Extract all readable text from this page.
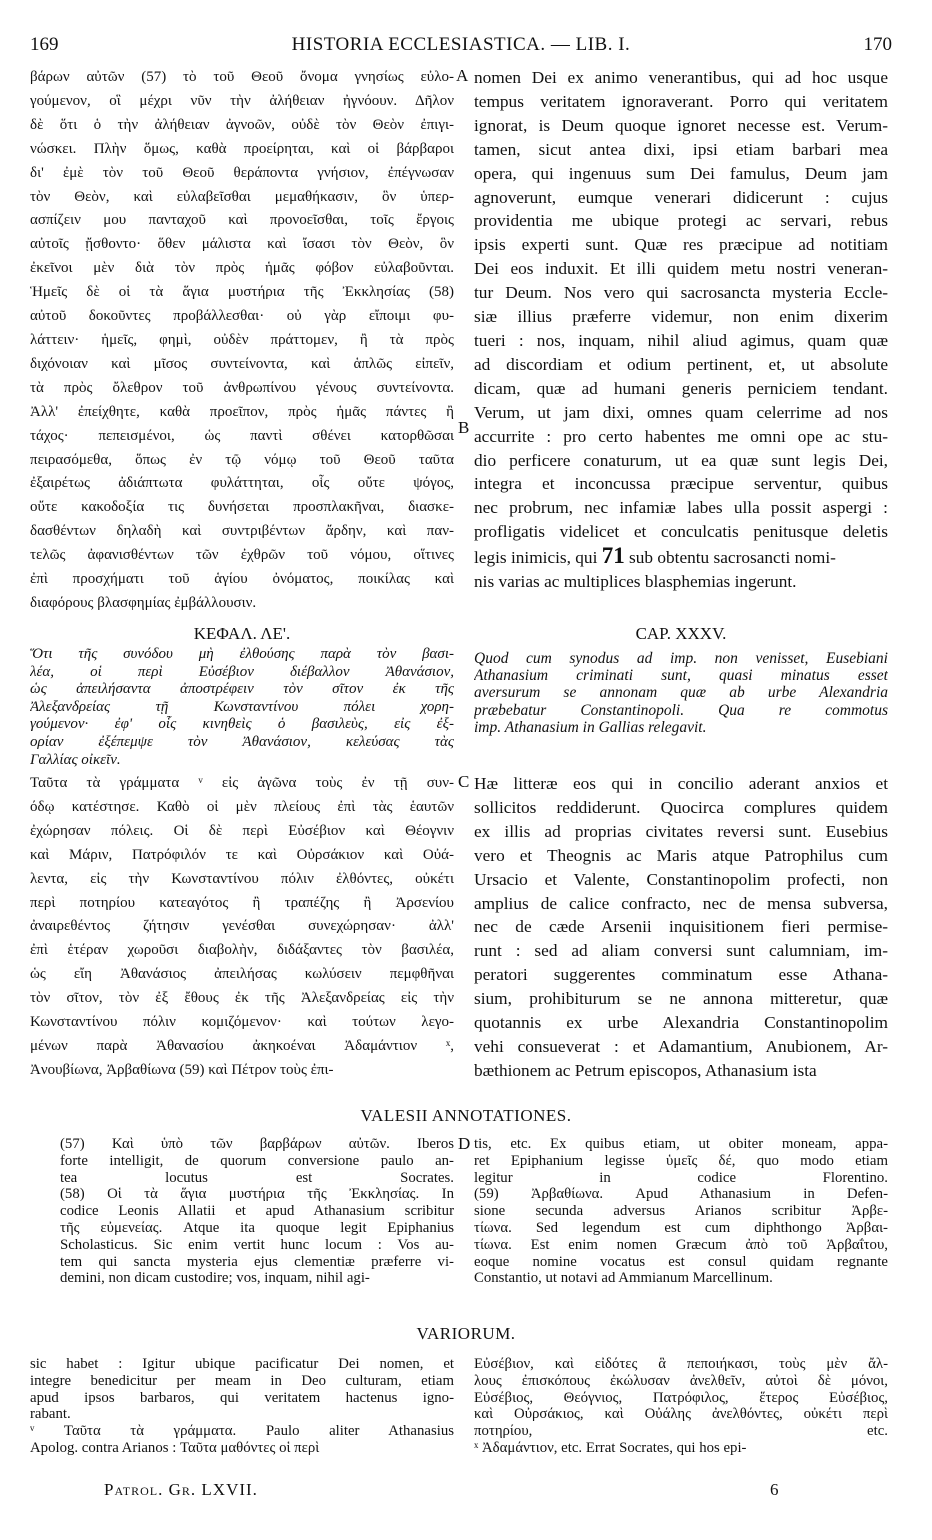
169	HISTORIA ECCLESIASTICA. — LIB. I.	170
βάρων αὐτῶν (57) τὸ τοῦ Θεοῦ ὄνομα γνησίως εὐλο-
γούμενον, οἳ μέχρι νῦν τὴν ἀλήθειαν ἠγνόουν. Δῆλον
δὲ ὅτι ὁ τὴν ἀλήθειαν ἀγνοῶν, οὐδὲ τὸν Θεὸν ἐπιγι-
νώσκει. Πλὴν ὅμως, καθὰ προείρηται, καὶ οἱ βάρβαροι
δι' ἐμὲ τὸν τοῦ Θεοῦ θεράποντα γνήσιον, ἐπέγνωσαν
τὸν Θεὸν, καὶ εὐλαβεῖσθαι μεμαθήκασιν, ὃν ὑπερ-
ασπίζειν μου πανταχοῦ καὶ προνοεῖσθαι, τοῖς ἔργοις
αὐτοῖς ᾔσθοντο· ὅθεν μάλιστα καὶ ἴσασι τὸν Θεὸν, ὃν
ἐκεῖνοι μὲν διὰ τὸν πρὸς ἡμᾶς φόβον εὐλαβοῦνται.
Ἡμεῖς δὲ οἱ τὰ ἅγια μυστήρια τῆς Ἐκκλησίας (58)
αὐτοῦ δοκοῦντες προβάλλεσθαι· οὐ γὰρ εἴποιμι φυ-
λάττειν· ἡμεῖς, φημὶ, οὐδὲν πράττομεν, ἢ τὰ πρὸς
διχόνοιαν καὶ μῖσος συντείνοντα, καὶ ἁπλῶς εἰπεῖν,
τὰ πρὸς ὄλεθρον τοῦ ἀνθρωπίνου γένους συντείνοντα.
Ἀλλ' ἐπείχθητε, καθὰ προεῖπον, πρὸς ἡμᾶς πάντες ἢ
τάχος· πεπεισμένοι, ὡς παντὶ σθένει κατορθῶσαι
πειρασόμεθα, ὅπως ἐν τῷ νόμῳ τοῦ Θεοῦ ταῦτα
ἐξαιρέτως ἀδιάπτωτα φυλάττηται, οἷς οὔτε ψόγος,
οὔτε κακοδοξία τις δυνήσεται προσπλακῆναι, διασκε-
δασθέντων δηλαδὴ καὶ συντριβέντων ἄρδην, καὶ παν-
τελῶς ἀφανισθέντων τῶν ἐχθρῶν τοῦ νόμου, οἵτινες
ἐπὶ προσχήματι τοῦ ἁγίου ὀνόματος, ποικίλας καὶ
διαφόρους βλασφημίας ἐμβάλλουσιν.
nomen Dei ex animo venerantibus, qui ad hoc usque
tempus veritatem ignoraverant. Porro qui veritatem
ignorat, is Deum quoque ignoret necesse est. Verum-
tamen, sicut antea dixi, ipsi etiam barbari mea
opera, qui ingenuus sum Dei famulus, Deum jam
agnoverunt, eumque venerari didicerunt : cujus
providentia me ubique protegi ac servari, rebus
ipsis experti sunt. Quæ res præcipue ad notitiam
Dei eos induxit. Et illi quidem metu nostri veneran-
tur Deum. Nos vero qui sacrosancta mysteria Eccle-
siæ illius præferre videmur, non enim dixerim
tueri : nos, inquam, nihil aliud agimus, quam quæ
ad discordiam et odium pertinent, et, ut absolute
dicam, quæ ad humani generis perniciem tendant.
Verum, ut jam dixi, omnes quam celerrime ad nos
accurrite : pro certo habentes me omni ope ac stu-
dio perficere conaturum, ut ea quæ sunt legis Dei,
integra et inconcussa præcipue serventur, quibus
nec probrum, nec infamiæ labes ulla possit aspergi :
profligatis videlicet et conculcatis penitusque deletis
legis inimicis, qui 71 sub obtentu sacrosancti nomi-
nis varias ac multiplices blasphemias ingerunt.
A
B
C
D
ΚΕΦΑΛ. ΛΕ'.	CAP. XXXV.
Ὅτι τῆς συνόδου μὴ ἐλθούσης παρὰ τὸν βασι-
λέα, οἱ περὶ Εὐσέβιον διέβαλλον Ἀθανάσιον,
ὡς ἀπειλήσαντα ἀποστρέφειν τὸν σῖτον ἐκ τῆς
Ἀλεξανδρείας τῇ Κωνσταντίνου πόλει χορη-
γούμενον· ἐφ' οἷς κινηθεὶς ὁ βασιλεὺς, εἰς ἐξ-
ορίαν ἐξέπεμψε τὸν Ἀθανάσιον, κελεύσας τὰς
Γαλλίας οἰκεῖν.
Quod cum synodus ad imp. non venisset, Eusebiani
Athanasium criminati sunt, quasi minatus esset
aversurum se annonam quæ ab urbe Alexandria
præbebatur Constantinopoli. Qua re commotus
imp. Athanasium in Gallias relegavit.
Ταῦτα τὰ γράμματα ᵛ εἰς ἀγῶνα τοὺς ἐν τῇ συν-
όδῳ κατέστησε. Καθὸ οἱ μὲν πλείους ἐπὶ τὰς ἑαυτῶν
ἐχώρησαν πόλεις. Οἱ δὲ περὶ Εὐσέβιον καὶ Θέογνιν
καὶ Μάριν, Πατρόφιλόν τε καὶ Οὐρσάκιον καὶ Οὐά-
λεντα, εἰς τὴν Κωνσταντίνου πόλιν ἐλθόντες, οὐκέτι
περὶ ποτηρίου κατεαγότος ἢ τραπέζης ἢ Ἀρσενίου
ἀναιρεθέντος ζήτησιν γενέσθαι συνεχώρησαν· ἀλλ'
ἐπὶ ἑτέραν χωροῦσι διαβολὴν, διδάξαντες τὸν βασιλέα,
ὡς εἴη Ἀθανάσιος ἀπειλήσας κωλύσειν πεμφθῆναι
τὸν σῖτον, τὸν ἐξ ἔθους ἐκ τῆς Ἀλεξανδρείας εἰς τὴν
Κωνσταντίνου πόλιν κομιζόμενον· καὶ τούτων λεγο-
μένων παρὰ Ἀθανασίου ἀκηκοέναι Ἀδαμάντιον ˣ,
Ἀνουβίωνα, Ἀρβαθίωνα (59) καὶ Πέτρον τοὺς ἐπι-
Hæ litteræ eos qui in concilio aderant anxios et
sollicitos reddiderunt. Quocirca complures quidem
ex illis ad proprias civitates reversi sunt. Eusebius
vero et Theognis ac Maris atque Patrophilus cum
Ursacio et Valente, Constantinopolim profecti, non
amplius de calice confracto, nec de mensa subversa,
nec de cæde Arsenii inquisitionem fieri permise-
runt : sed ad aliam conversi sunt calumniam, im-
peratori suggerentes comminatum esse Athana-
sium, prohibiturum se ne annona mitteretur, quæ
quotannis ex urbe Alexandria Constantinopolim
vehi consueverat : et Adamantium, Anubionem, Ar-
bæthionem ac Petrum episcopos, Athanasium ista
VALESII ANNOTATIONES.
(57) Καὶ ὑπὸ τῶν βαρβάρων αὐτῶν. Iberos
forte intelligit, de quorum conversione paulo an-
tea locutus est Socrates.
(58) Οἱ τὰ ἅγια μυστήρια τῆς Ἐκκλησίας. In
codice Leonis Allatii et apud Athanasium scribitur
τῆς εὐμενείας. Atque ita quoque legit Epiphanius
Scholasticus. Sic enim vertit hunc locum : Vos au-
tem qui sancta mysteria ejus clementiæ præferre vi-
demini, non dicam custodire; vos, inquam, nihil agi-
tis, etc. Ex quibus etiam, ut obiter moneam, appa-
ret Epiphanium legisse ὑμεῖς δέ, quo modo etiam
legitur in codice Florentino.
(59) Ἀρβαθίωνα. Apud Athanasium in Defen-
sione secunda adversus Arianos scribitur Ἀρβε-
τίωνα. Sed legendum est cum diphthongo Ἀρβαι-
τίωνα. Est enim nomen Græcum ἀπὸ τοῦ Ἀρβαΐτου,
eoque nomine vocatus est consul quidam regnante
Constantio, ut notavi ad Ammianum Marcellinum.
VARIORUM.
sic habet : Igitur ubique pacificatur Dei nomen, et
integre benedicitur per meam in Deo culturam, etiam
apud ipsos barbaros, qui veritatem hactenus igno-
rabant.
ᵛ Ταῦτα τὰ γράμματα. Paulo aliter Athanasius
Apolog. contra Arianos : Ταῦτα μαθόντες οἱ περὶ
Εὐσέβιον, καὶ εἰδότες ἃ πεποιήκασι, τοὺς μὲν ἄλ-
λους ἐπισκόπους ἐκώλυσαν ἀνελθεῖν, αὐτοὶ δὲ μόνοι,
Εὐσέβιος, Θεόγνιος, Πατρόφιλος, ἕτερος Εὐσέβιος,
καὶ Οὐρσάκιος, καὶ Οὐάλης ἀνελθόντες, οὐκέτι περὶ
ποτηρίου, etc.
ˣ Ἀδαμάντιον, etc. Errat Socrates, qui hos epi-
Patrol. Gr. LXVII.	6
